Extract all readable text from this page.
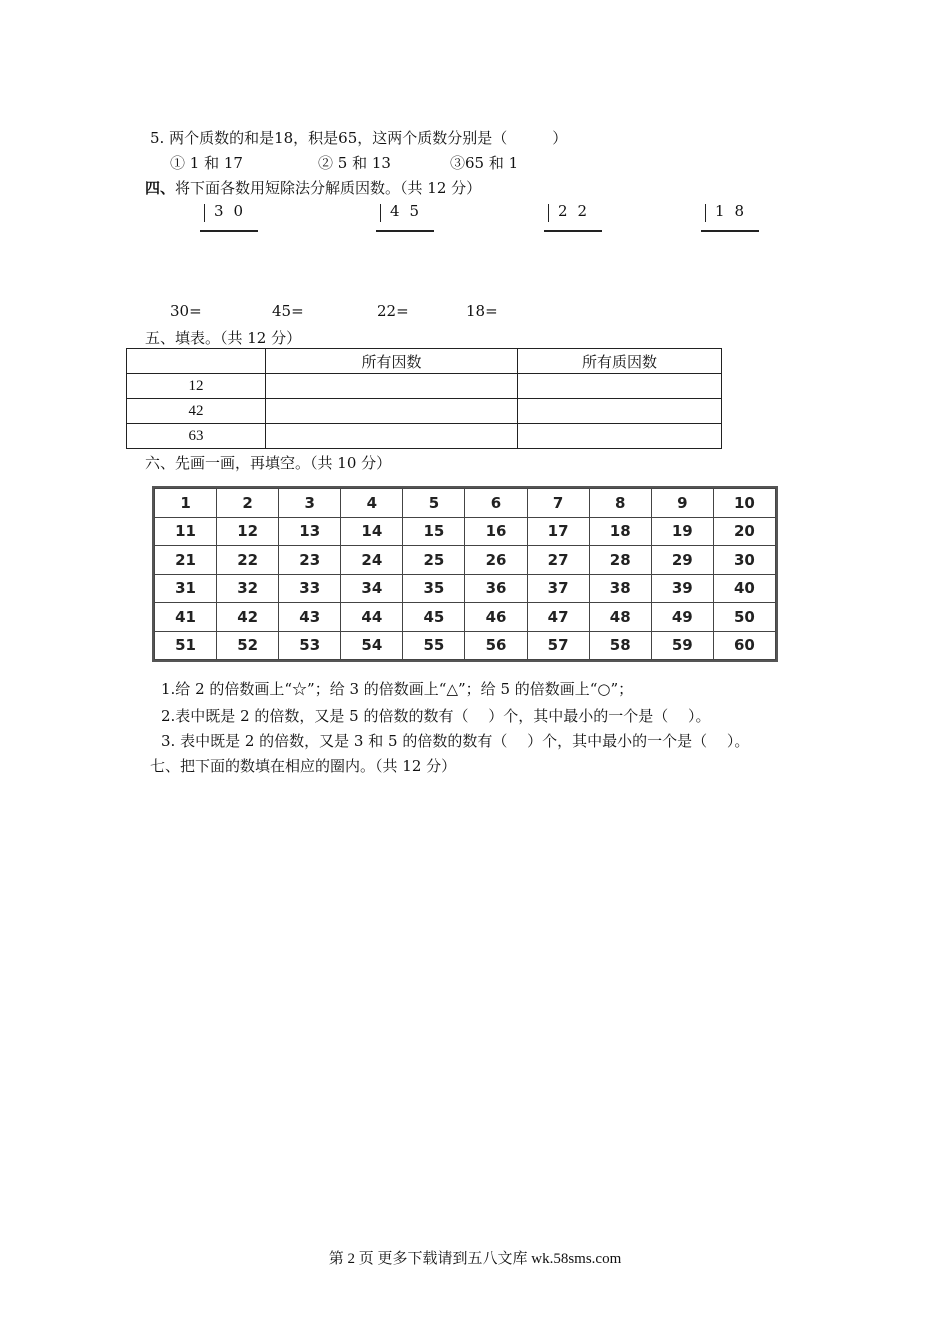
5. 两个质数的和是18，积是65，这两个质数分别是（　　　）
① 1 和 17	② 5 和 13	③65 和 1
四、将下面各数用短除法分解质因数。（共 12 分）
30	45	22	18
30=	45=	22=	18=
五、填表。（共 12 分）
	所有因数	所有质因数
12		
42		
63		
六、先画一画，再填空。（共 10 分）
1	2	3	4	5	6	7	8	9	10
11	12	13	14	15	16	17	18	19	20
21	22	23	24	25	26	27	28	29	30
31	32	33	34	35	36	37	38	39	40
41	42	43	44	45	46	47	48	49	50
51	52	53	54	55	56	57	58	59	60
1.给 2 的倍数画上“☆”；给 3 的倍数画上“△”；给 5 的倍数画上“○”；
2.表中既是 2 的倍数，又是 5 的倍数的数有（　 ）个，其中最小的一个是（　 ）。
3. 表中既是 2 的倍数，又是 3 和 5 的倍数的数有（　 ）个，其中最小的一个是（　 ）。
七、把下面的数填在相应的圈内。（共 12 分）
第 2 页 更多下载请到五八文库 wk.58sms.com
